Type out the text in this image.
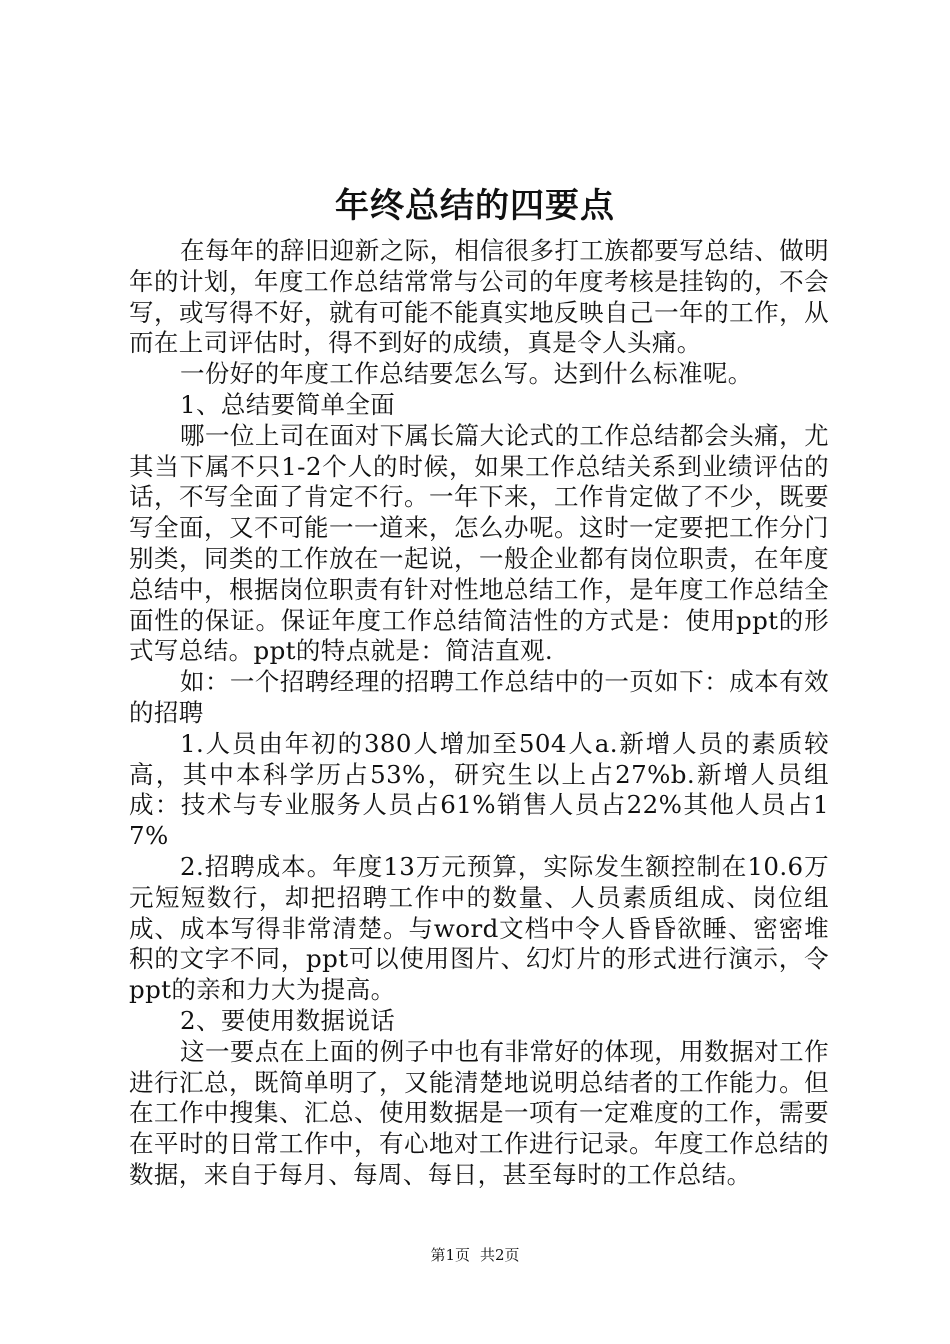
年终总结的四要点

在每年的辞旧迎新之际，相信很多打工族都要写总结、做明年的计划，年度工作总结常常与公司的年度考核是挂钩的，不会写，或写得不好，就有可能不能真实地反映自己一年的工作，从而在上司评估时，得不到好的成绩，真是令人头痛。

一份好的年度工作总结要怎么写。达到什么标准呢。

1、总结要简单全面

哪一位上司在面对下属长篇大论式的工作总结都会头痛，尤其当下属不只1-2个人的时候，如果工作总结关系到业绩评估的话，不写全面了肯定不行。一年下来，工作肯定做了不少，既要写全面，又不可能一一道来，怎么办呢。这时一定要把工作分门别类，同类的工作放在一起说，一般企业都有岗位职责，在年度总结中，根据岗位职责有针对性地总结工作，是年度工作总结全面性的保证。保证年度工作总结简洁性的方式是：使用ppt的形式写总结。ppt的特点就是：简洁直观.

如：一个招聘经理的招聘工作总结中的一页如下：成本有效的招聘

1.人员由年初的380人增加至504人a.新增人员的素质较高，其中本科学历占53%，研究生以上占27%b.新增人员组成：技术与专业服务人员占61%销售人员占22%其他人员占17%

2.招聘成本。年度13万元预算，实际发生额控制在10.6万元短短数行，却把招聘工作中的数量、人员素质组成、岗位组成、成本写得非常清楚。与word文档中令人昏昏欲睡、密密堆积的文字不同，ppt可以使用图片、幻灯片的形式进行演示，令ppt的亲和力大为提高。

2、要使用数据说话

这一要点在上面的例子中也有非常好的体现，用数据对工作进行汇总，既简单明了，又能清楚地说明总结者的工作能力。但在工作中搜集、汇总、使用数据是一项有一定难度的工作，需要在平时的日常工作中，有心地对工作进行记录。年度工作总结的数据，来自于每月、每周、每日，甚至每时的工作总结。

第1页 共2页
